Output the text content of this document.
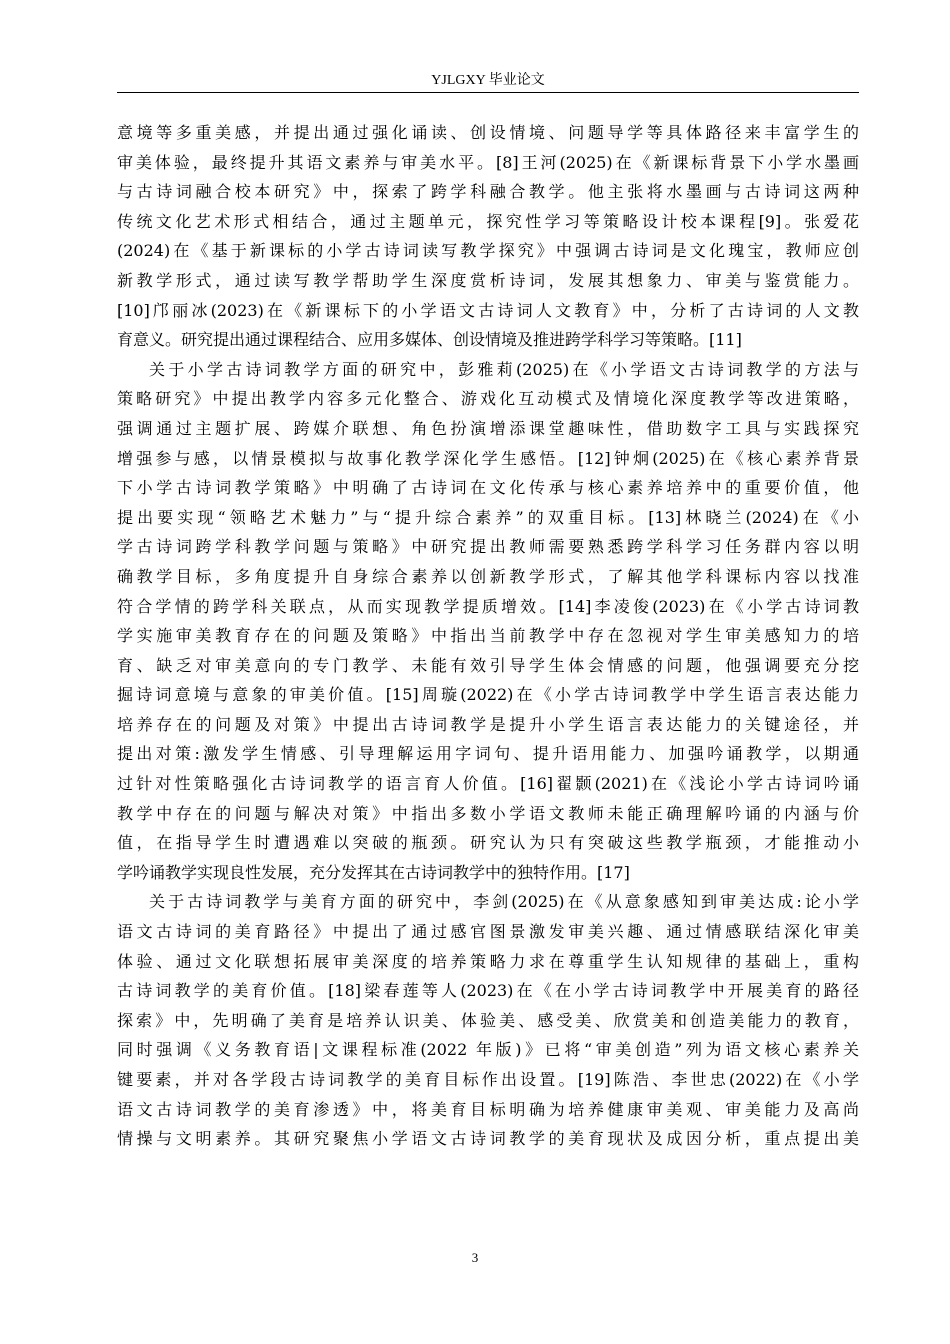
YJLGXY 毕业论文
意境等多重美感，并提出通过强化诵读、创设情境、问题导学等具体路径来丰富学生的
审美体验，最终提升其语文素养与审美水平。[8]王河(2025)在《新课标背景下小学水墨画
与古诗词融合校本研究》中，探索了跨学科融合教学。他主张将水墨画与古诗词这两种
传统文化艺术形式相结合，通过主题单元，探究性学习等策略设计校本课程[9]。张爱花
(2024)在《基于新课标的小学古诗词读写教学探究》中强调古诗词是文化瑰宝，教师应创
新教学形式，通过读写教学帮助学生深度赏析诗词，发展其想象力、审美与鉴赏能力。
[10]邝丽冰(2023)在《新课标下的小学语文古诗词人文教育》中，分析了古诗词的人文教
育意义。研究提出通过课程结合、应用多媒体、创设情境及推进跨学科学习等策略。[11]
关于小学古诗词教学方面的研究中，彭雅莉(2025)在《小学语文古诗词教学的方法与
策略研究》中提出教学内容多元化整合、游戏化互动模式及情境化深度教学等改进策略，
强调通过主题扩展、跨媒介联想、角色扮演增添课堂趣味性，借助数字工具与实践探究
增强参与感，以情景模拟与故事化教学深化学生感悟。[12]钟炯(2025)在《核心素养背景
下小学古诗词教学策略》中明确了古诗词在文化传承与核心素养培养中的重要价值，他
提出要实现“领略艺术魅力”与“提升综合素养”的双重目标。[13]林晓兰(2024)在《小
学古诗词跨学科教学问题与策略》中研究提出教师需要熟悉跨学科学习任务群内容以明
确教学目标，多角度提升自身综合素养以创新教学形式，了解其他学科课标内容以找准
符合学情的跨学科关联点，从而实现教学提质增效。[14]李凌俊(2023)在《小学古诗词教
学实施审美教育存在的问题及策略》中指出当前教学中存在忽视对学生审美感知力的培
育、缺乏对审美意向的专门教学、未能有效引导学生体会情感的问题，他强调要充分挖
掘诗词意境与意象的审美价值。[15]周璇(2022)在《小学古诗词教学中学生语言表达能力
培养存在的问题及对策》中提出古诗词教学是提升小学生语言表达能力的关键途径，并
提出对策:激发学生情感、引导理解运用字词句、提升语用能力、加强吟诵教学，以期通
过针对性策略强化古诗词教学的语言育人价值。[16]翟颢(2021)在《浅论小学古诗词吟诵
教学中存在的问题与解决对策》中指出多数小学语文教师未能正确理解吟诵的内涵与价
值，在指导学生时遭遇难以突破的瓶颈。研究认为只有突破这些教学瓶颈，才能推动小
学吟诵教学实现良性发展，充分发挥其在古诗词教学中的独特作用。[17]
关于古诗词教学与美育方面的研究中，李剑(2025)在《从意象感知到审美达成:论小学
语文古诗词的美育路径》中提出了通过感官图景激发审美兴趣、通过情感联结深化审美
体验、通过文化联想拓展审美深度的培养策略力求在尊重学生认知规律的基础上，重构
古诗词教学的美育价值。[18]梁春莲等人(2023)在《在小学古诗词教学中开展美育的路径
探索》中，先明确了美育是培养认识美、体验美、感受美、欣赏美和创造美能力的教育，
同时强调《义务教育语|文课程标准(2022 年版)》已将“审美创造”列为语文核心素养关
键要素，并对各学段古诗词教学的美育目标作出设置。[19]陈浩、李世忠(2022)在《小学
语文古诗词教学的美育渗透》中，将美育目标明确为培养健康审美观、审美能力及高尚
情操与文明素养。其研究聚焦小学语文古诗词教学的美育现状及成因分析，重点提出美
3
